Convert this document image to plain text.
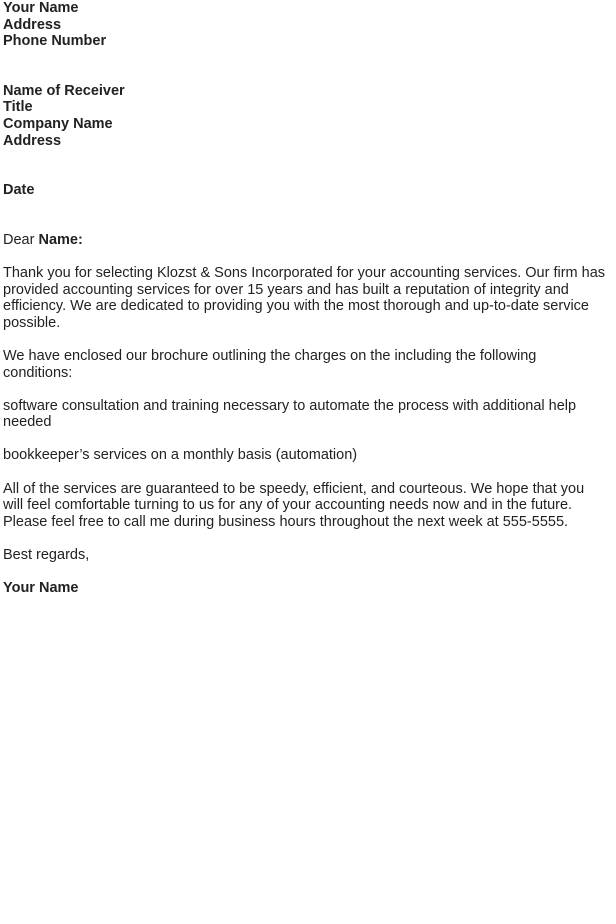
Your Name
Address
Phone Number
Name of Receiver
Title
Company Name
Address
Date
Dear Name:

Thank you for selecting Klozst & Sons Incorporated for your accounting services. Our firm has provided accounting services for over 15 years and has built a reputation of integrity and efficiency. We are dedicated to providing you with the most thorough and up-to-date service possible.

We have enclosed our brochure outlining the charges on the including the following conditions:

software consultation and training necessary to automate the process with additional help needed

bookkeeper’s services on a monthly basis (automation)

All of the services are guaranteed to be speedy, efficient, and courteous. We hope that you will feel comfortable turning to us for any of your accounting needs now and in the future. Please feel free to call me during business hours throughout the next week at 555-5555.

Best regards,
Your Name
